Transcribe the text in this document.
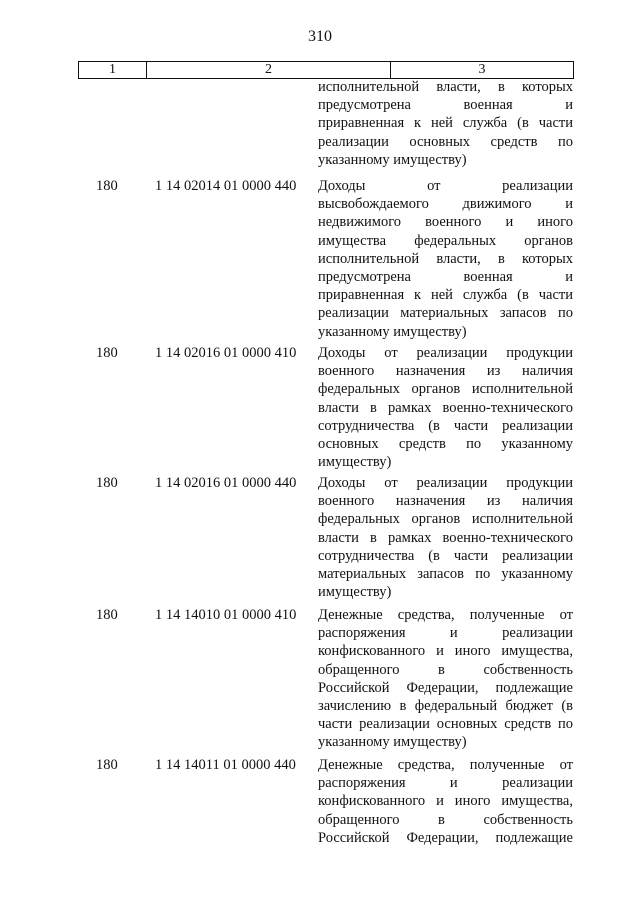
310
1	2	3
исполнительной власти, в которых
предусмотрена военная и
приравненная к ней служба (в части
реализации основных средств по
указанному имуществу)
180	1 14 02014 01 0000 440	Доходы от реализации
высвобождаемого движимого и
недвижимого военного и иного
имущества федеральных органов
исполнительной власти, в которых
предусмотрена военная и
приравненная к ней служба (в части
реализации материальных запасов по
указанному имуществу)
180	1 14 02016 01 0000 410	Доходы от реализации продукции
военного назначения из наличия
федеральных органов исполнительной
власти в рамках военно-технического
сотрудничества (в части реализации
основных средств по указанному
имуществу)
180	1 14 02016 01 0000 440	Доходы от реализации продукции
военного назначения из наличия
федеральных органов исполнительной
власти в рамках военно-технического
сотрудничества (в части реализации
материальных запасов по указанному
имуществу)
180	1 14 14010 01 0000 410	Денежные средства, полученные от
распоряжения и реализации
конфискованного и иного имущества,
обращенного в собственность
Российской Федерации, подлежащие
зачислению в федеральный бюджет (в
части реализации основных средств по
указанному имуществу)
180	1 14 14011 01 0000 440	Денежные средства, полученные от
распоряжения и реализации
конфискованного и иного имущества,
обращенного в собственность
Российской Федерации, подлежащие
